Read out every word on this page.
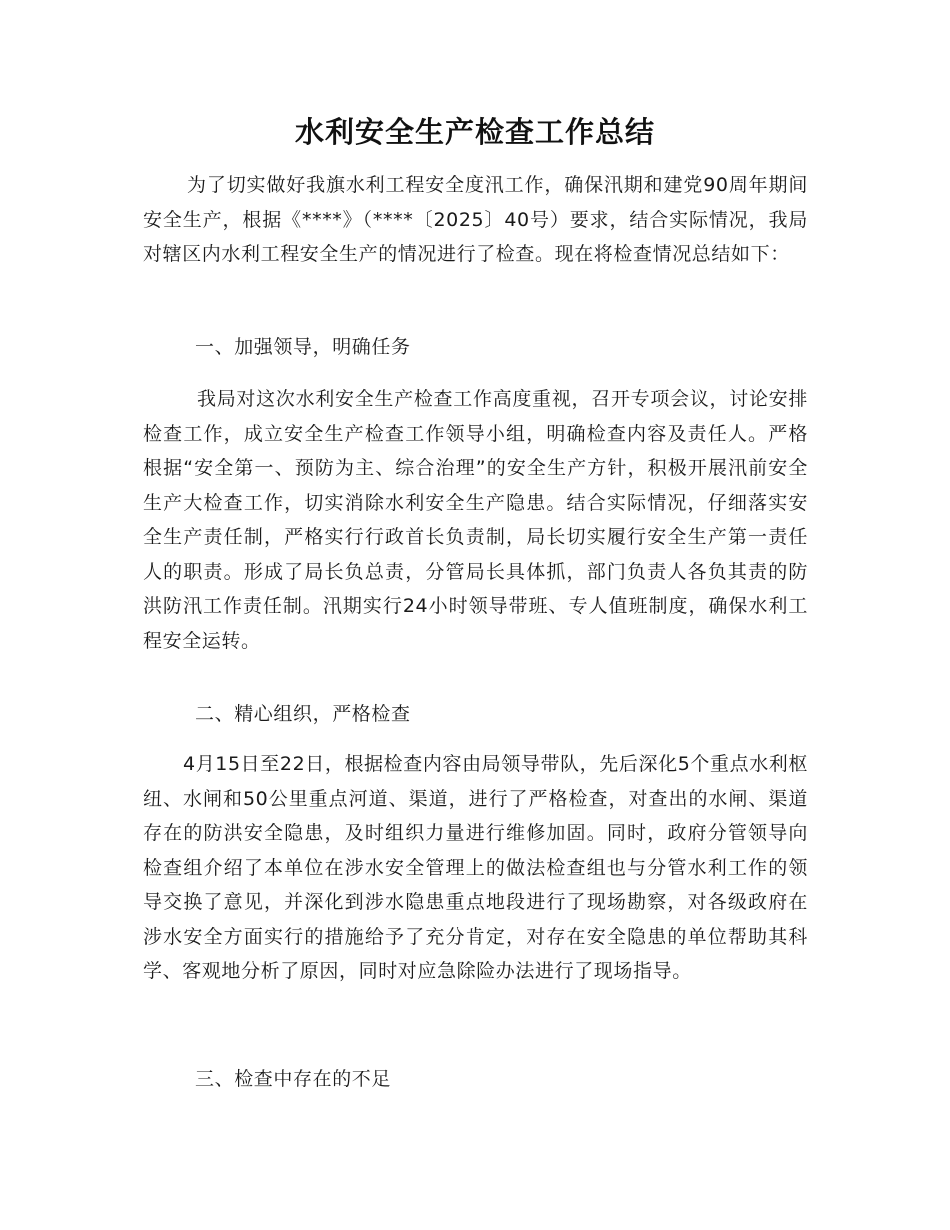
水利安全生产检查工作总结
为了切实做好我旗水利工程安全度汛工作，确保汛期和建党90周年期间安全生产，根据《****》（****〔2025〕40号）要求，结合实际情况，我局对辖区内水利工程安全生产的情况进行了检查。现在将检查情况总结如下：
一、加强领导，明确任务
我局对这次水利安全生产检查工作高度重视，召开专项会议，讨论安排检查工作，成立安全生产检查工作领导小组，明确检查内容及责任人。严格根据“安全第一、预防为主、综合治理”的安全生产方针，积极开展汛前安全生产大检查工作，切实消除水利安全生产隐患。结合实际情况，仔细落实安全生产责任制，严格实行行政首长负责制，局长切实履行安全生产第一责任人的职责。形成了局长负总责，分管局长具体抓，部门负责人各负其责的防洪防汛工作责任制。汛期实行24小时领导带班、专人值班制度，确保水利工程安全运转。
二、精心组织，严格检查
4月15日至22日，根据检查内容由局领导带队，先后深化5个重点水利枢纽、水闸和50公里重点河道、渠道，进行了严格检查，对查出的水闸、渠道存在的防洪安全隐患，及时组织力量进行维修加固。同时，政府分管领导向检查组介绍了本单位在涉水安全管理上的做法检查组也与分管水利工作的领导交换了意见，并深化到涉水隐患重点地段进行了现场勘察，对各级政府在涉水安全方面实行的措施给予了充分肯定，对存在安全隐患的单位帮助其科学、客观地分析了原因，同时对应急除险办法进行了现场指导。
三、检查中存在的不足
